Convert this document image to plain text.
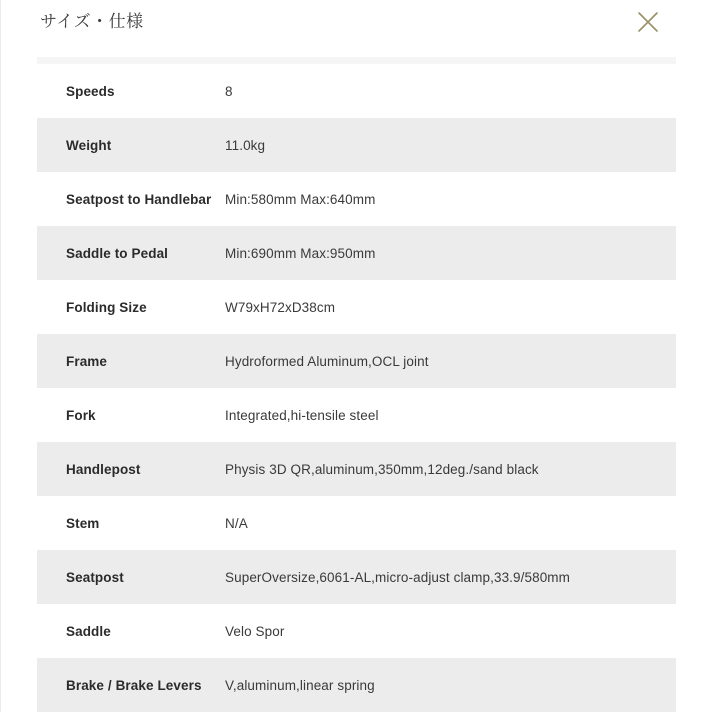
サイズ・仕様
Speeds	8
Weight	11.0kg
Seatpost to Handlebar	Min:580mm Max:640mm
Saddle to Pedal	Min:690mm Max:950mm
Folding Size	W79xH72xD38cm
Frame	Hydroformed Aluminum,OCL joint
Fork	Integrated,hi-tensile steel
Handlepost	Physis 3D QR,aluminum,350mm,12deg./sand black
Stem	N/A
Seatpost	SuperOversize,6061-AL,micro-adjust clamp,33.9/580mm
Saddle	Velo Spor
Brake / Brake Levers	V,aluminum,linear spring
